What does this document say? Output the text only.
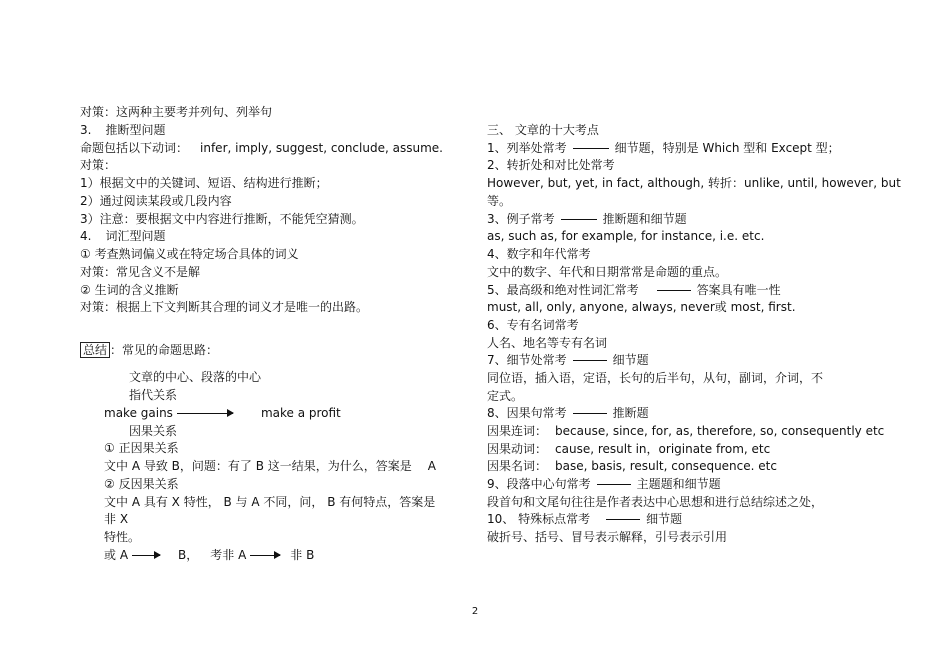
对策：这两种主要考并列句、列举句
3. 推断型问题
命题包括以下动词： infer, imply, suggest, conclude, assume.
对策：
1）根据文中的关键词、短语、结构进行推断；
2）通过阅读某段或几段内容
3）注意：要根据文中内容进行推断，不能凭空猜测。
4. 词汇型问题
① 考查熟词偏义或在特定场合具体的词义
对策：常见含义不是解
② 生词的含义推断
对策：根据上下文判断其合理的词义才是唯一的出路。
总结 ：常见的命题思路：
文章的中心、段落的中心
指代关系
make gains	make a profit
因果关系
① 正因果关系
文中 A 导致 B，问题：有了 B 这一结果，为什么，答案是 A
② 反因果关系
文中 A 具有 X 特性， B 与 A 不同，问， B 有何特点，答案是
非 X
特性。
或 A	B， 考非 A	非 B
三、 文章的十大考点
1、列举处常考	细节题，特别是 Which 型和 Except 型；
2、转折处和对比处常考
However, but, yet, in fact, although, 转折：unlike, until, however, but
等。
3、例子常考	推断题和细节题
as, such as, for example, for instance, i.e. etc.
4、数字和年代常考
文中的数字、年代和日期常常是命题的重点。
5、最高级和绝对性词汇常考	答案具有唯一性
must, all, only, anyone, always, never或 most, first.
6、专有名词常考
人名、地名等专有名词
7、细节处常考	细节题
同位语，插入语，定语，长句的后半句，从句，副词，介词，不
定式。
8、因果句常考	推断题
因果连词： because, since, for, as, therefore, so, consequently etc
因果动词： cause, result in，originate from, etc
因果名词： base, basis, result, consequence. etc
9、段落中心句常考	主题题和细节题
段首句和文尾句往往是作者表达中心思想和进行总结综述之处，
10、 特殊标点常考	细节题
破折号、括号、冒号表示解释，引号表示引用
2
